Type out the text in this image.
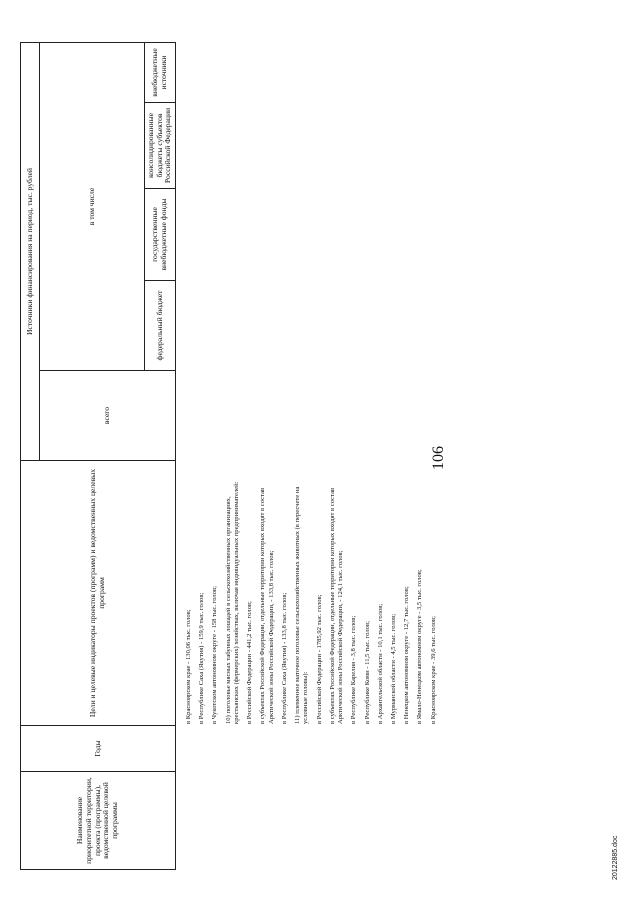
106
Наименование приоритетной территории, проекта (программы), ведомственной целевой программы	Годы	Цели и целевые индикаторы проектов (программ) и ведомственных целевых программ	Источники финансирования на период, тыс. рублей				
			всего	в том числе			
				федеральный бюджет	государственные внебюджетные фонды	консолидированные бюджеты субъектов Российской Федерации	внебюджетные источники
в Красноярском крае - 130,06 тыс. голов; в Республике Саха (Якутия) - 159,9 тыс. голов; в Чукотском автономном округе - 158 тыс. голов; 10) поголовье мясных табунных лошадей в сельскохозяйственных организациях, крестьянских (фермерских) хозяйствах, включая индивидуальных предпринимателей: в Российской Федерации - 441,2 тыс. голов; в субъектах Российской Федерации, отдельные территории которых входят в состав Арктической зоны Российской Федерации, - 133,8 тыс. голов; в Республике Саха (Якутия) - 133,8 тыс. голов; 11) племенное маточное поголовье сельскохозяйственных животных (в пересчете на условные головы): в Российской Федерации - 1785,92 тыс. голов; в субъектах Российской Федерации, отдельные территории которых входят в состав Арктической зоны Российской Федерации, - 124,1 тыс. голов; в Республике Карелия - 3,8 тыс. голов; в Республике Коми - 11,5 тыс. голов; в Архангельской области - 10,1 тыс. голов; в Мурманской области - 4,5 тыс. голов; в Ненецком автономном округе - 12,7 тыс. голов; в Ямало-Ненецком автономном округе - 3,5 тыс. голов; в Красноярском крае - 39,6 тыс. голов;
20122885.doc
